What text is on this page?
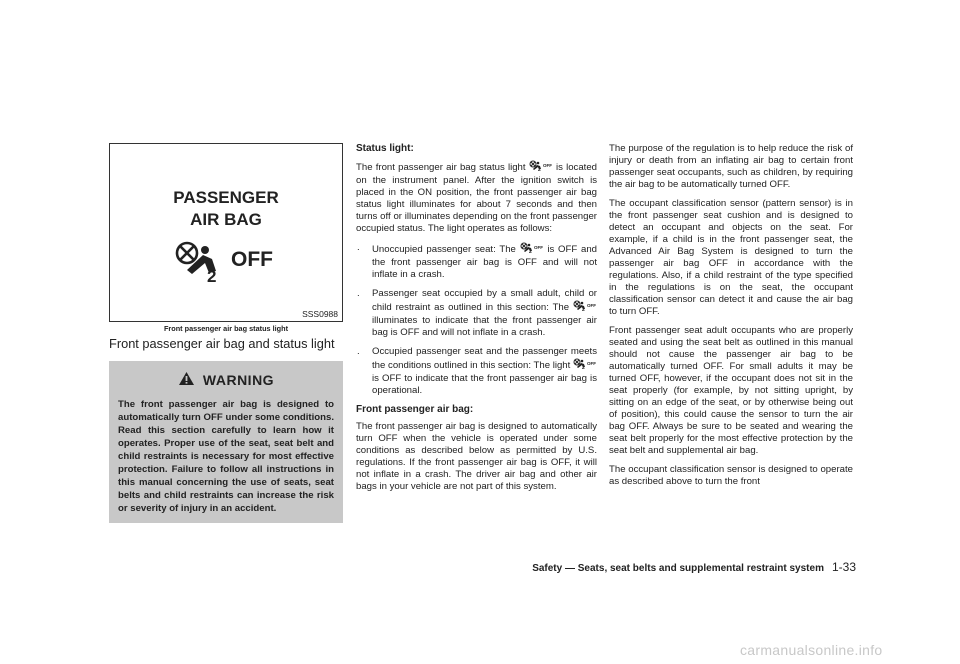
PASSENGER
AIR BAG
2
OFF
SSS0988
Front passenger air bag status light
Front passenger air bag and status light
WARNING
The front passenger air bag is designed to automatically turn OFF under some conditions. Read this section carefully to learn how it operates. Proper use of the seat, seat belt and child restraints is necessary for most effective protection. Failure to follow all instructions in this manual concerning the use of seats, seat belts and child restraints can increase the risk or severity of injury in an accident.
Status light:

The front passenger air bag status light 2
OFF is located on the instrument panel. After the ignition switch is placed in the ON position, the front passenger air bag status light illuminates for about 7 seconds and then turns off or illuminates depending on the front passenger occupied status. The light operates as follows:

. Unoccupied passenger seat: The	2
OFF is OFF and the front passenger air bag is OFF and will not inflate in a crash.
. Passenger seat occupied by a small adult, child or child restraint as outlined in this section: The	2
OFF
illuminates to indicate that the front passenger air bag is OFF and will not inflate in a crash.
. Occupied passenger seat and the passenger meets the conditions outlined in this section: The light 2
OFF
is OFF to indicate that the front passenger air bag is operational.
Front passenger air bag:

The front passenger air bag is designed to automatically turn OFF when the vehicle is operated under some conditions as described below as permitted by U.S. regulations. If the front passenger air bag is OFF, it will not inflate in a crash. The driver air bag and other air bags in your vehicle are not part of this system.

The purpose of the regulation is to help reduce the risk of injury or death from an inflating air bag to certain front passenger seat occupants, such as children, by requiring the air bag to be automatically turned OFF.

The occupant classification sensor (pattern sensor) is in the front passenger seat cushion and is designed to detect an occupant and objects on the seat. For example, if a child is in the front passenger seat, the Advanced Air Bag System is designed to turn the passenger air bag OFF in accordance with the regulations. Also, if a child restraint of the type specified in the regulations is on the seat, the occupant classification sensor can detect it and cause the air bag to turn OFF.

Front passenger seat adult occupants who are properly seated and using the seat belt as outlined in this manual should not cause the passenger air bag to be automatically turned OFF. For small adults it may be turned OFF, however, if the occupant does not sit in the seat properly (for example, by not sitting upright, by sitting on an edge of the seat, or by otherwise being out of position), this could cause the sensor to turn the air bag OFF. Always be sure to be seated and wearing the seat belt properly for the most effective protection by the seat belt and supplemental air bag.

The occupant classification sensor is designed to operate as described above to turn the front

Safety — Seats, seat belts and supplemental restraint system 1-33
carmanualsonline.info
